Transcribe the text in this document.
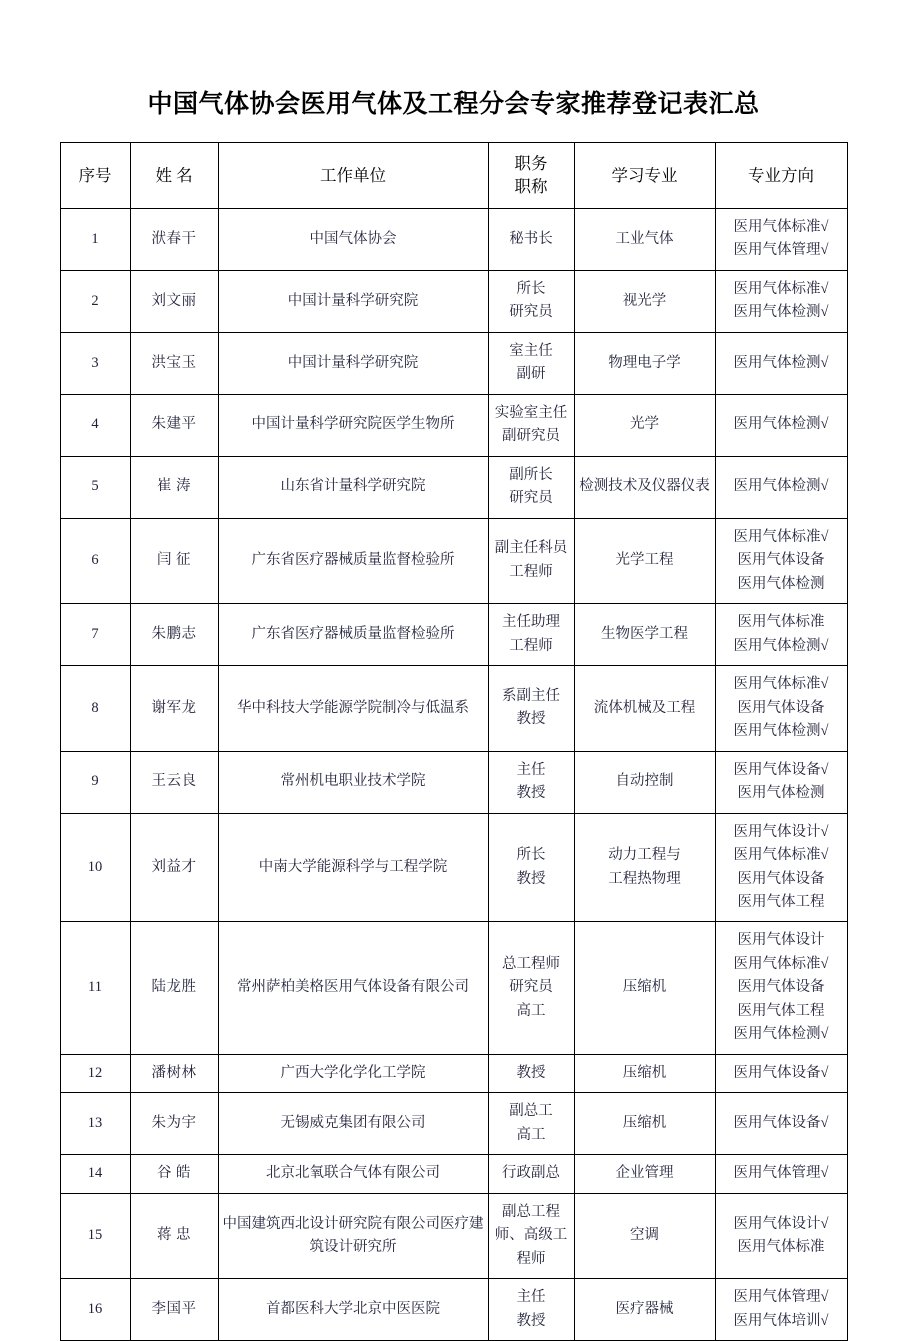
中国气体协会医用气体及工程分会专家推荐登记表汇总
序号	姓 名	工作单位	职务
职称	学习专业	专业方向
1	洑春干	中国气体协会	秘书长	工业气体	医用气体标准√
医用气体管理√

2	刘文丽	中国计量科学研究院	所长
研究员	视光学	医用气体标准√
医用气体检测√

3	洪宝玉	中国计量科学研究院	室主任
副研	物理电子学	医用气体检测√

4	朱建平	中国计量科学研究院医学生物所	实验室主任
副研究员	光学	医用气体检测√

5	崔 涛	山东省计量科学研究院	副所长
研究员	检测技术及仪器仪表	医用气体检测√

6	闫 征	广东省医疗器械质量监督检验所	副主任科员
工程师	光学工程	医用气体标准√
医用气体设备
医用气体检测

7	朱鹏志	广东省医疗器械质量监督检验所	主任助理
工程师	生物医学工程	医用气体标准
医用气体检测√

8	谢军龙	华中科技大学能源学院制冷与低温系	系副主任
教授	流体机械及工程	医用气体标准√
医用气体设备
医用气体检测√

9	王云良	常州机电职业技术学院	主任
教授	自动控制	医用气体设备√
医用气体检测

10	刘益才	中南大学能源科学与工程学院	所长
教授	动力工程与
工程热物理	医用气体设计√
医用气体标准√
医用气体设备
医用气体工程

11	陆龙胜	常州萨柏美格医用气体设备有限公司	总工程师
研究员
高工	压缩机	医用气体设计
医用气体标准√
医用气体设备
医用气体工程
医用气体检测√

12	潘树林	广西大学化学化工学院	教授	压缩机	医用气体设备√

13	朱为宇	无锡威克集团有限公司	副总工
高工	压缩机	医用气体设备√

14	谷 皓	北京北氧联合气体有限公司	行政副总	企业管理	医用气体管理√

15	蒋 忠	中国建筑西北设计研究院有限公司医疗建
筑设计研究所	副总工程
师、高级工
程师	空调	医用气体设计√
医用气体标准

16	李国平	首都医科大学北京中医医院	主任
教授	医疗器械	医用气体管理√
医用气体培训√
